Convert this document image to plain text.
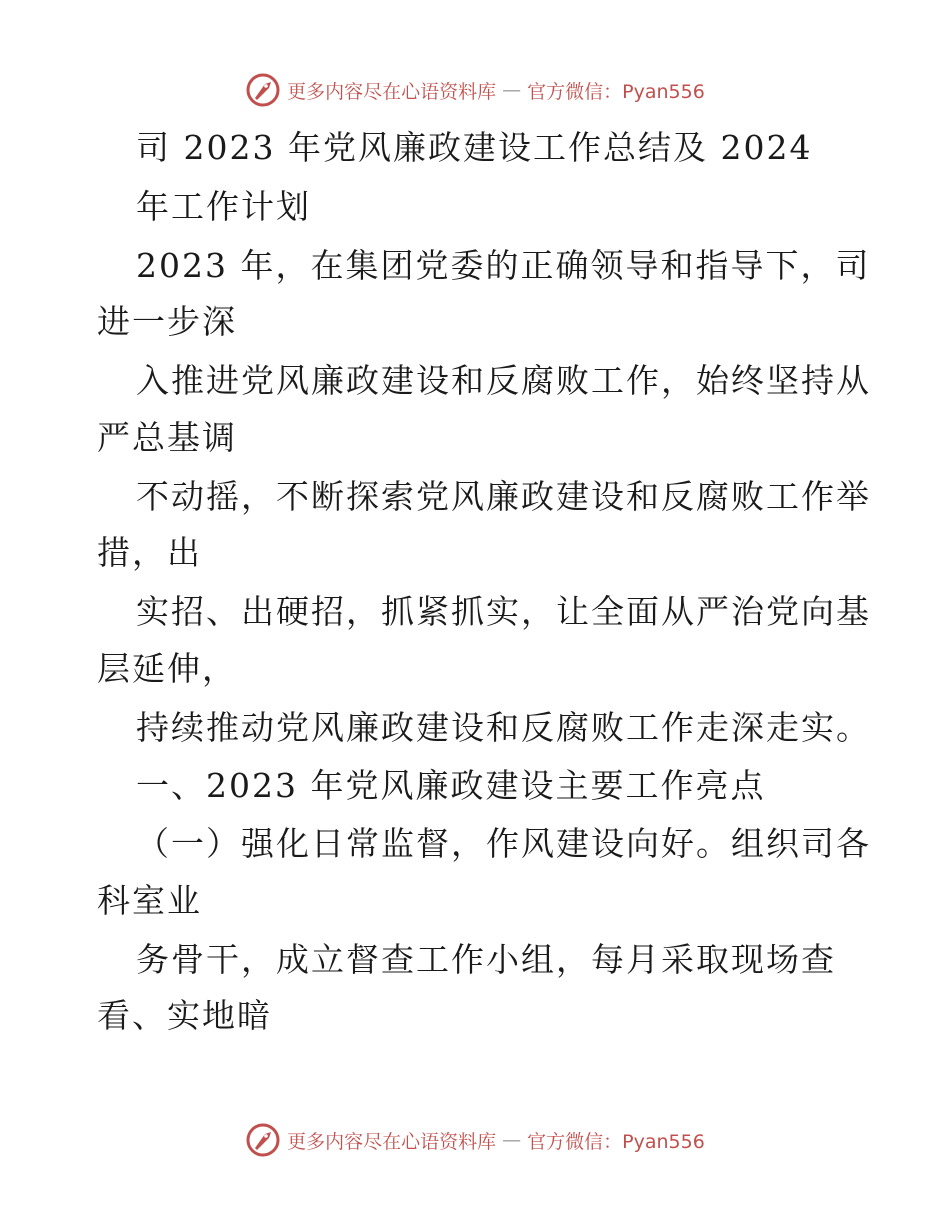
更多内容尽在心语资料库 — 官方微信：Pyan556
司 2023 年党风廉政建设工作总结及 2024
年工作计划
2023 年，在集团党委的正确领导和指导下，司
进一步深
入推进党风廉政建设和反腐败工作，始终坚持从
严总基调
不动摇，不断探索党风廉政建设和反腐败工作举
措，出
实招、出硬招，抓紧抓实，让全面从严治党向基
层延伸，
持续推动党风廉政建设和反腐败工作走深走实。
一、2023 年党风廉政建设主要工作亮点
（一）强化日常监督，作风建设向好。组织司各
科室业
务骨干，成立督查工作小组，每月采取现场查
看、实地暗
更多内容尽在心语资料库 — 官方微信：Pyan556
